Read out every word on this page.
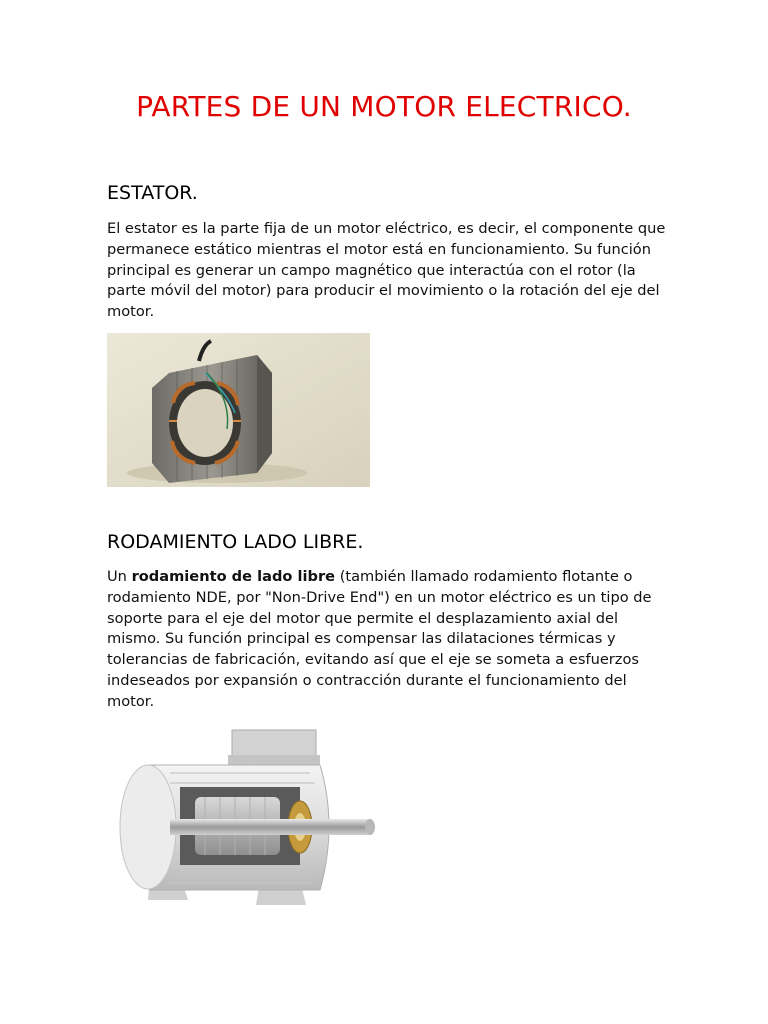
PARTES DE UN MOTOR ELECTRICO.
ESTATOR.

El estator es la parte fija de un motor eléctrico, es decir, el componente que permanece estático mientras el motor está en funcionamiento. Su función principal es generar un campo magnético que interactúa con el rotor (la parte móvil del motor) para producir el movimiento o la rotación del eje del motor.

RODAMIENTO LADO LIBRE.

Un rodamiento de lado libre (también llamado rodamiento flotante o rodamiento NDE, por "Non-Drive End") en un motor eléctrico es un tipo de soporte para el eje del motor que permite el desplazamiento axial del mismo. Su función principal es compensar las dilataciones térmicas y tolerancias de fabricación, evitando así que el eje se someta a esfuerzos indeseados por expansión o contracción durante el funcionamiento del motor.
